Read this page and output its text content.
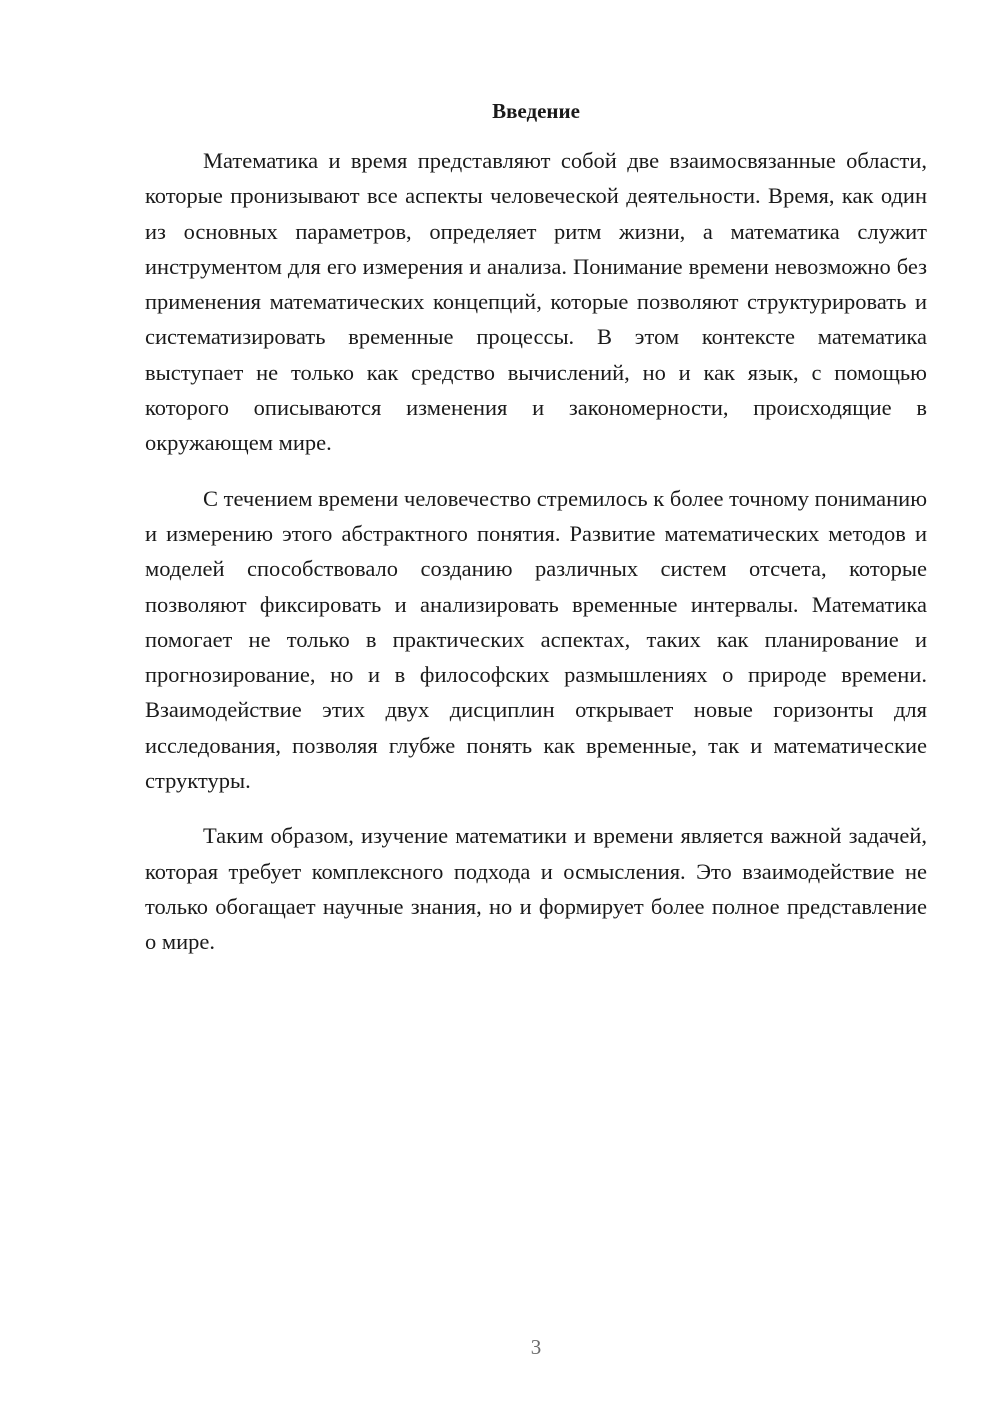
Введение

Математика и время представляют собой две взаимосвязанные области, которые пронизывают все аспекты человеческой деятельности. Время, как один из основных параметров, определяет ритм жизни, а математика служит инструментом для его измерения и анализа. Понимание времени невозможно без применения математических концепций, которые позволяют структурировать и систематизировать временные процессы. В этом контексте математика выступает не только как средство вычислений, но и как язык, с помощью которого описываются изменения и закономерности, происходящие в окружающем мире.

С течением времени человечество стремилось к более точному пониманию и измерению этого абстрактного понятия. Развитие математических методов и моделей способствовало созданию различных систем отсчета, которые позволяют фиксировать и анализировать временные интервалы. Математика помогает не только в практических аспектах, таких как планирование и прогнозирование, но и в философских размышлениях о природе времени. Взаимодействие этих двух дисциплин открывает новые горизонты для исследования, позволяя глубже понять как временные, так и математические структуры.

Таким образом, изучение математики и времени является важной задачей, которая требует комплексного подхода и осмысления. Это взаимодействие не только обогащает научные знания, но и формирует более полное представление о мире.

3
